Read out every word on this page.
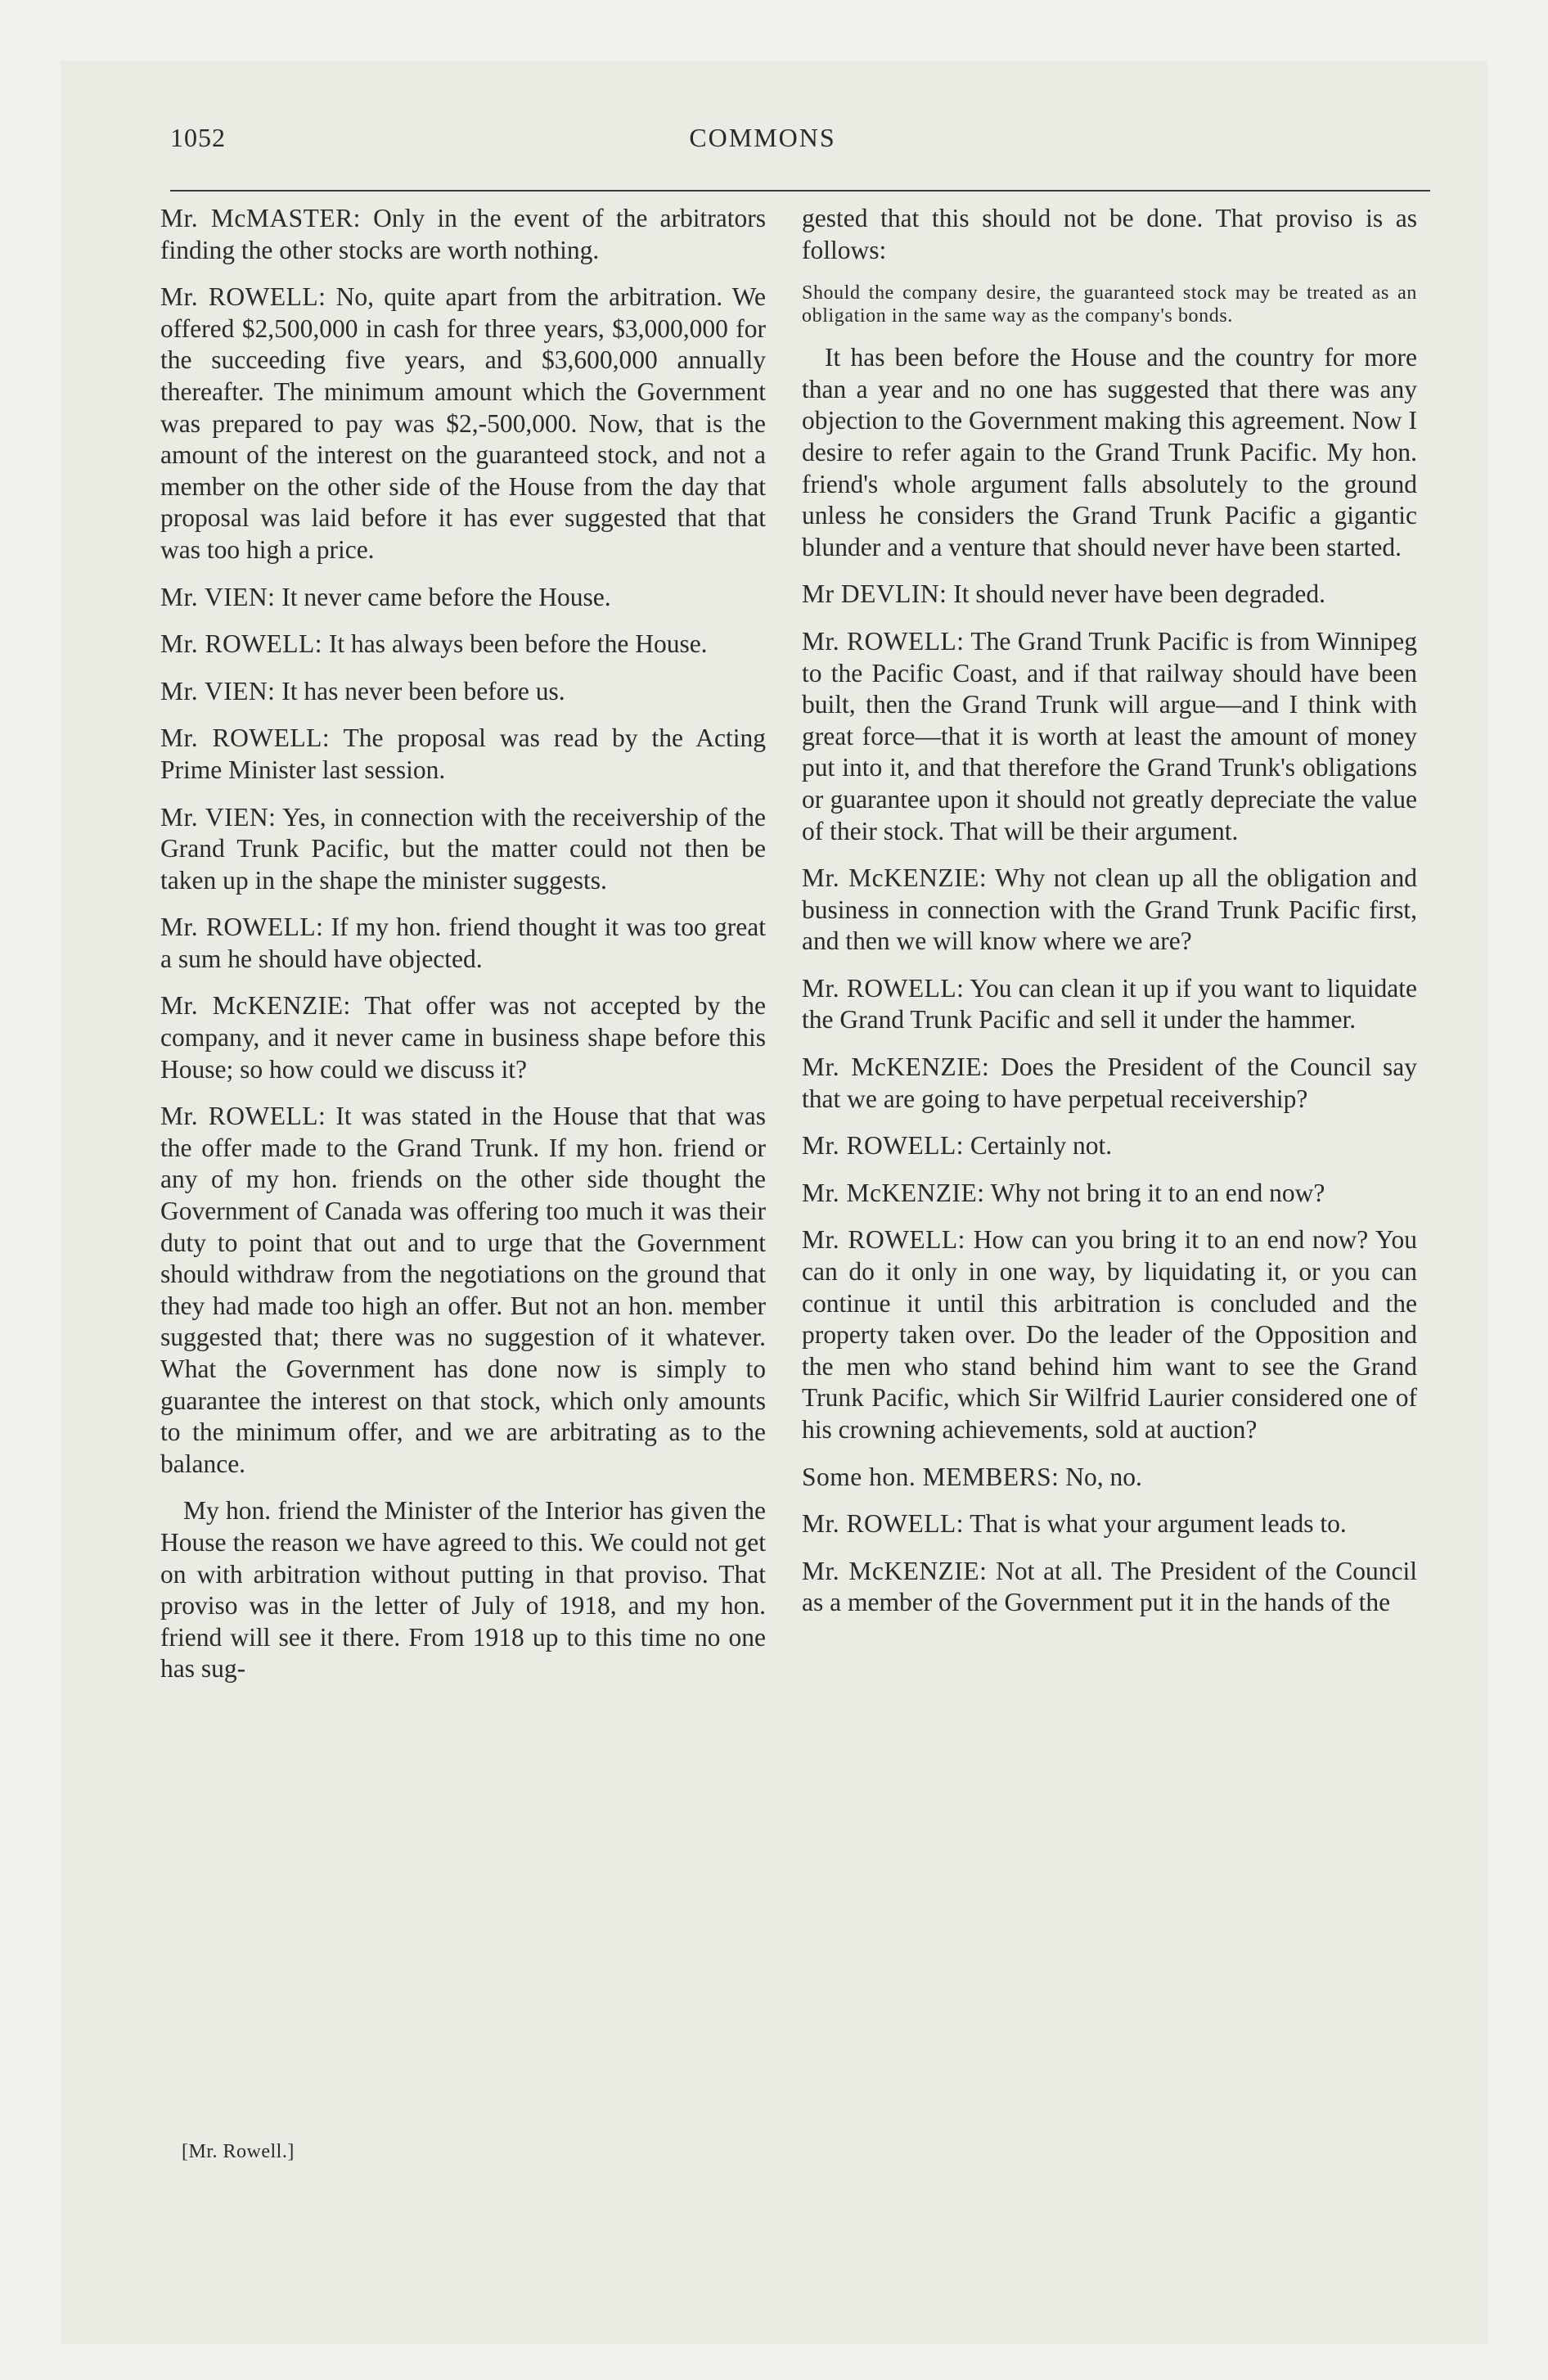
1052	COMMONS

Mr. McMASTER: Only in the event of the arbitrators finding the other stocks are worth nothing.

Mr. ROWELL: No, quite apart from the arbitration. We offered $2,500,000 in cash for three years, $3,000,000 for the succeeding five years, and $3,600,000 annually thereafter. The minimum amount which the Government was prepared to pay was $2,-500,000. Now, that is the amount of the interest on the guaranteed stock, and not a member on the other side of the House from the day that proposal was laid before it has ever suggested that that was too high a price.

Mr. VIEN: It never came before the House.

Mr. ROWELL: It has always been before the House.

Mr. VIEN: It has never been before us.

Mr. ROWELL: The proposal was read by the Acting Prime Minister last session.

Mr. VIEN: Yes, in connection with the receivership of the Grand Trunk Pacific, but the matter could not then be taken up in the shape the minister suggests.

Mr. ROWELL: If my hon. friend thought it was too great a sum he should have objected.

Mr. McKENZIE: That offer was not accepted by the company, and it never came in business shape before this House; so how could we discuss it?

Mr. ROWELL: It was stated in the House that that was the offer made to the Grand Trunk. If my hon. friend or any of my hon. friends on the other side thought the Government of Canada was offering too much it was their duty to point that out and to urge that the Government should withdraw from the negotiations on the ground that they had made too high an offer. But not an hon. member suggested that; there was no suggestion of it whatever. What the Government has done now is simply to guarantee the interest on that stock, which only amounts to the minimum offer, and we are arbitrating as to the balance.

My hon. friend the Minister of the Interior has given the House the reason we have agreed to this. We could not get on with arbitration without putting in that proviso. That proviso was in the letter of July of 1918, and my hon. friend will see it there. From 1918 up to this time no one has sug-

gested that this should not be done. That proviso is as follows:

Should the company desire, the guaranteed stock may be treated as an obligation in the same way as the company's bonds.

It has been before the House and the country for more than a year and no one has suggested that there was any objection to the Government making this agreement. Now I desire to refer again to the Grand Trunk Pacific. My hon. friend's whole argument falls absolutely to the ground unless he considers the Grand Trunk Pacific a gigantic blunder and a venture that should never have been started.

Mr DEVLIN: It should never have been degraded.

Mr. ROWELL: The Grand Trunk Pacific is from Winnipeg to the Pacific Coast, and if that railway should have been built, then the Grand Trunk will argue—and I think with great force—that it is worth at least the amount of money put into it, and that therefore the Grand Trunk's obligations or guarantee upon it should not greatly depreciate the value of their stock. That will be their argument.

Mr. McKENZIE: Why not clean up all the obligation and business in connection with the Grand Trunk Pacific first, and then we will know where we are?

Mr. ROWELL: You can clean it up if you want to liquidate the Grand Trunk Pacific and sell it under the hammer.

Mr. McKENZIE: Does the President of the Council say that we are going to have perpetual receivership?

Mr. ROWELL: Certainly not.

Mr. McKENZIE: Why not bring it to an end now?

Mr. ROWELL: How can you bring it to an end now? You can do it only in one way, by liquidating it, or you can continue it until this arbitration is concluded and the property taken over. Do the leader of the Opposition and the men who stand behind him want to see the Grand Trunk Pacific, which Sir Wilfrid Laurier considered one of his crowning achievements, sold at auction?

Some hon. MEMBERS: No, no.

Mr. ROWELL: That is what your argument leads to.

Mr. McKENZIE: Not at all. The President of the Council as a member of the Government put it in the hands of the

[Mr. Rowell.]
